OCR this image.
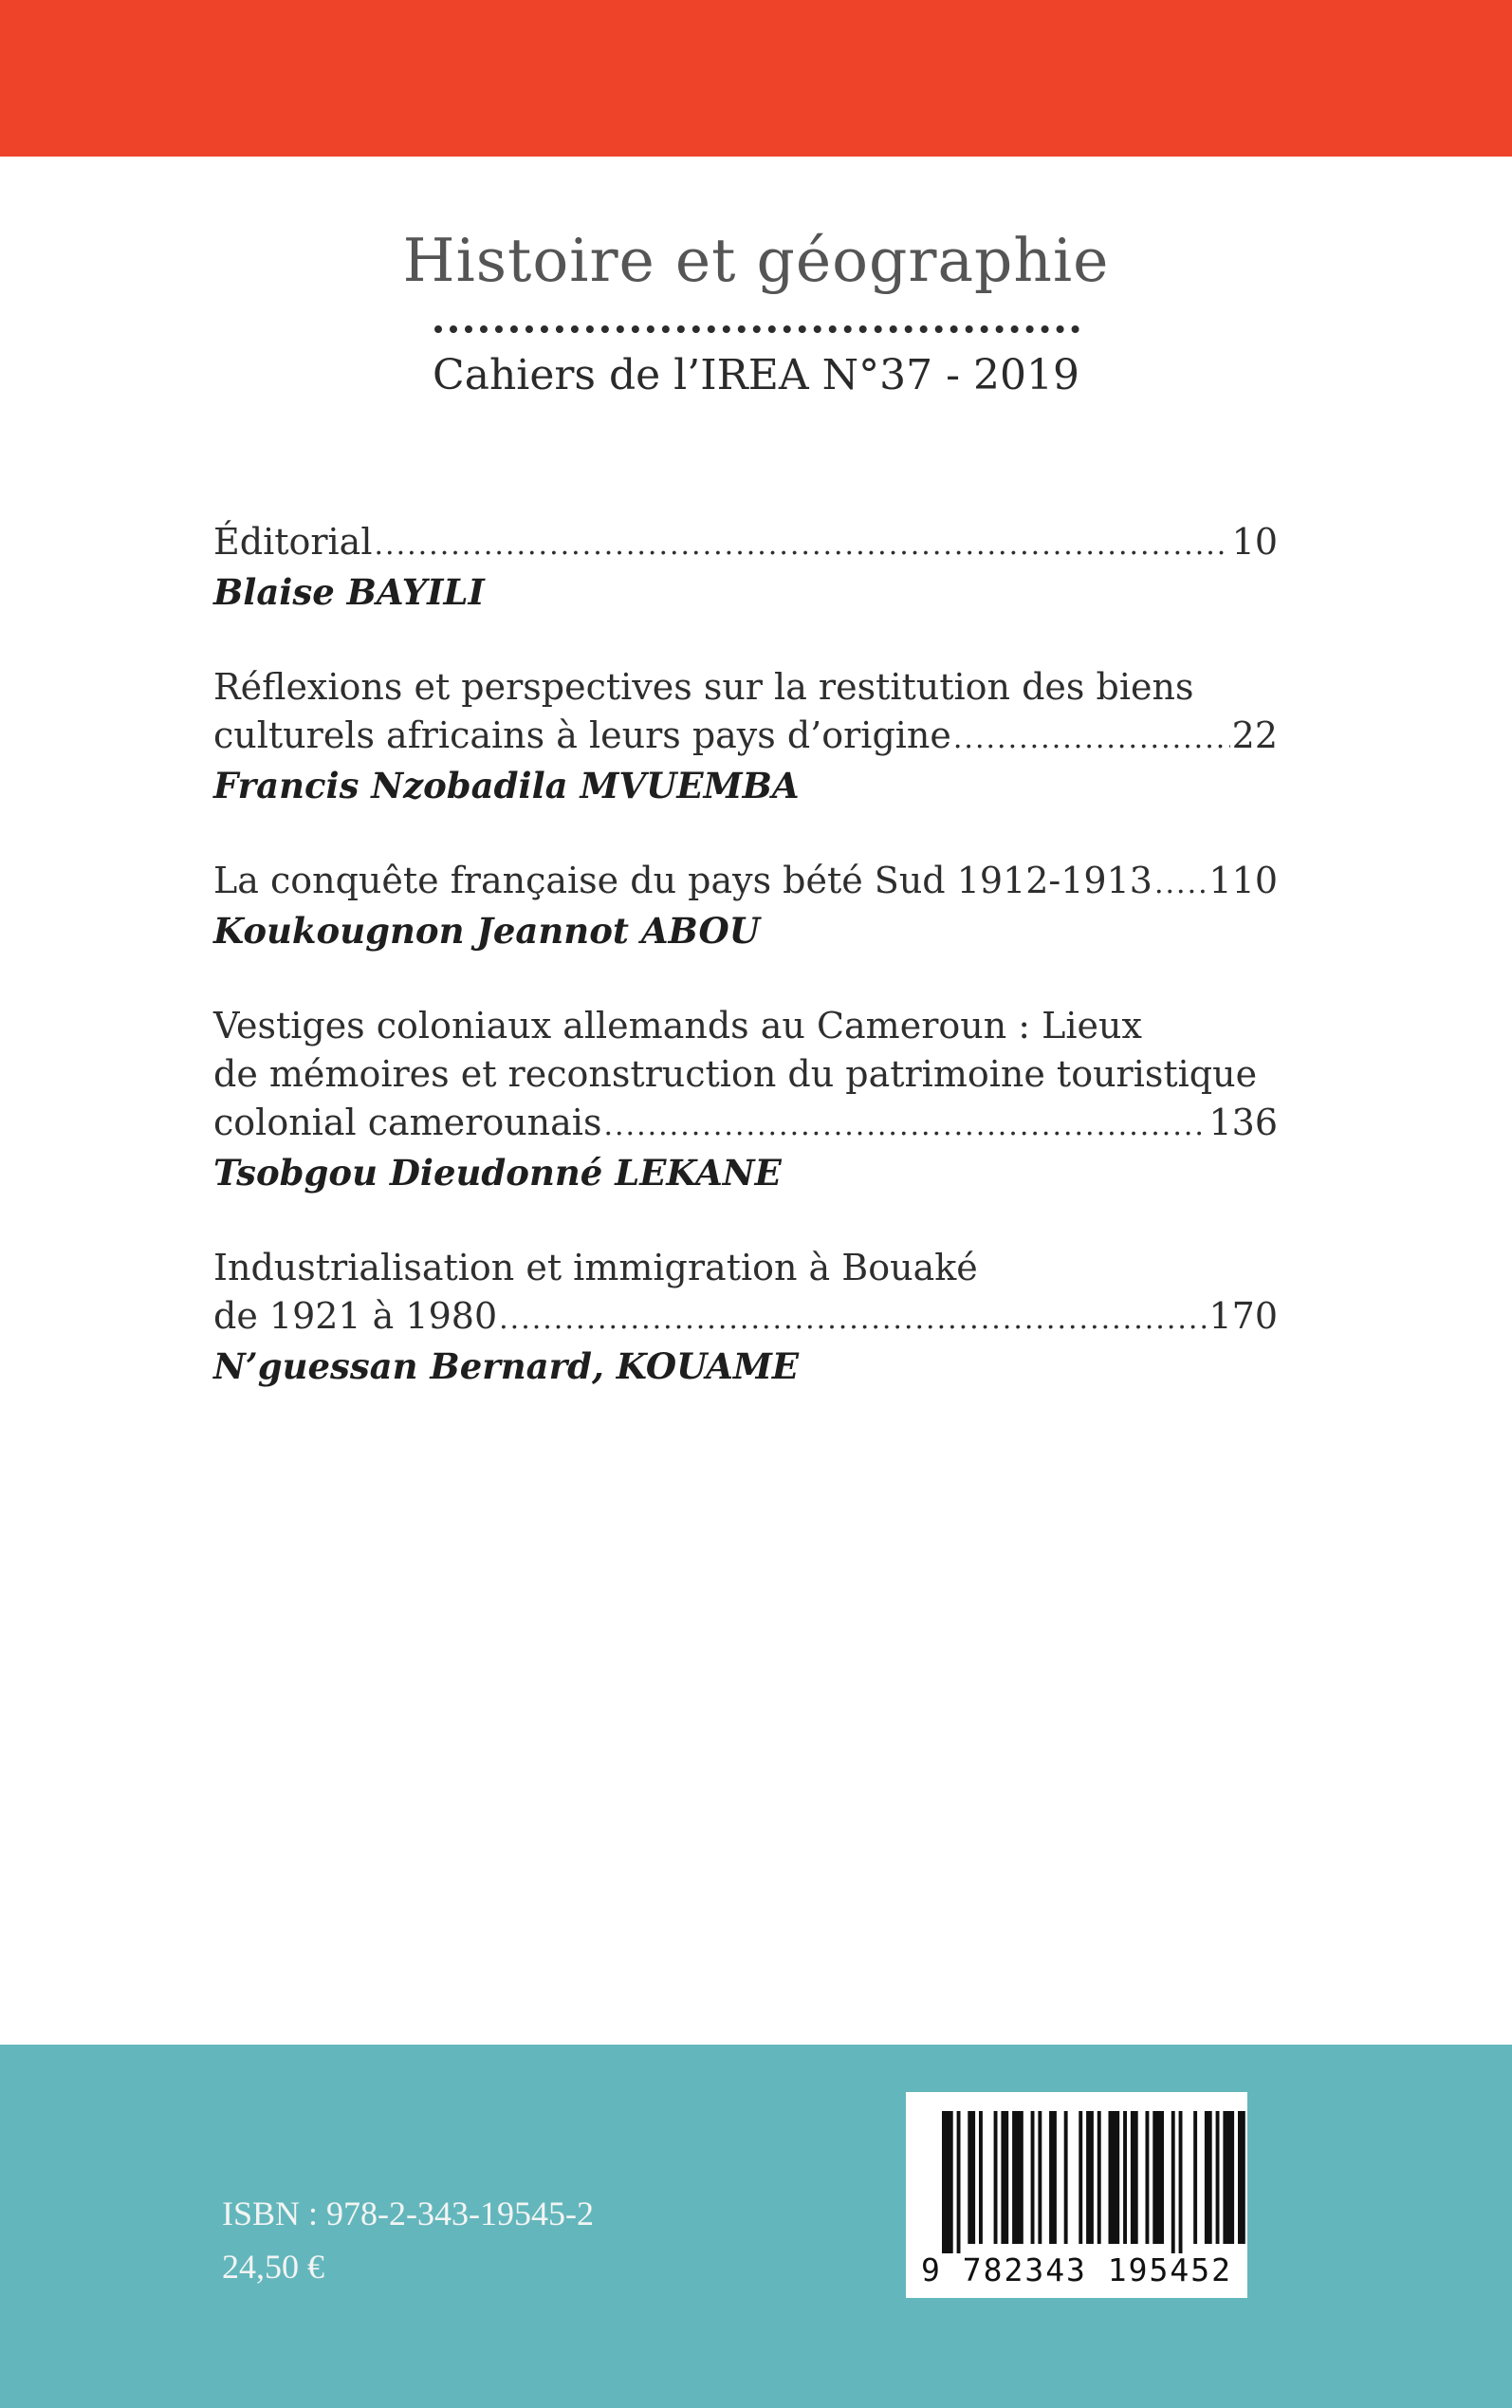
Histoire et géographie
Cahiers de l’IREA N°37 - 2019
Éditorial .....	10
Blaise BAYILI
Réflexions et perspectives sur la restitution des biens
culturels africains à leurs pays d’origine .....	22
Francis Nzobadila MVUEMBA
La conquête française du pays bété Sud 1912-1913 ..... 110
Koukougnon Jeannot ABOU
Vestiges coloniaux allemands au Cameroun : Lieux
de mémoires et reconstruction du patrimoine touristique
colonial camerounais .....	136
Tsobgou Dieudonné LEKANE
Industrialisation et immigration à Bouaké
de 1921 à 1980 .....	170
N’guessan Bernard, KOUAME
ISBN : 978-2-343-19545-2
24,50 €	9 782343 195452
